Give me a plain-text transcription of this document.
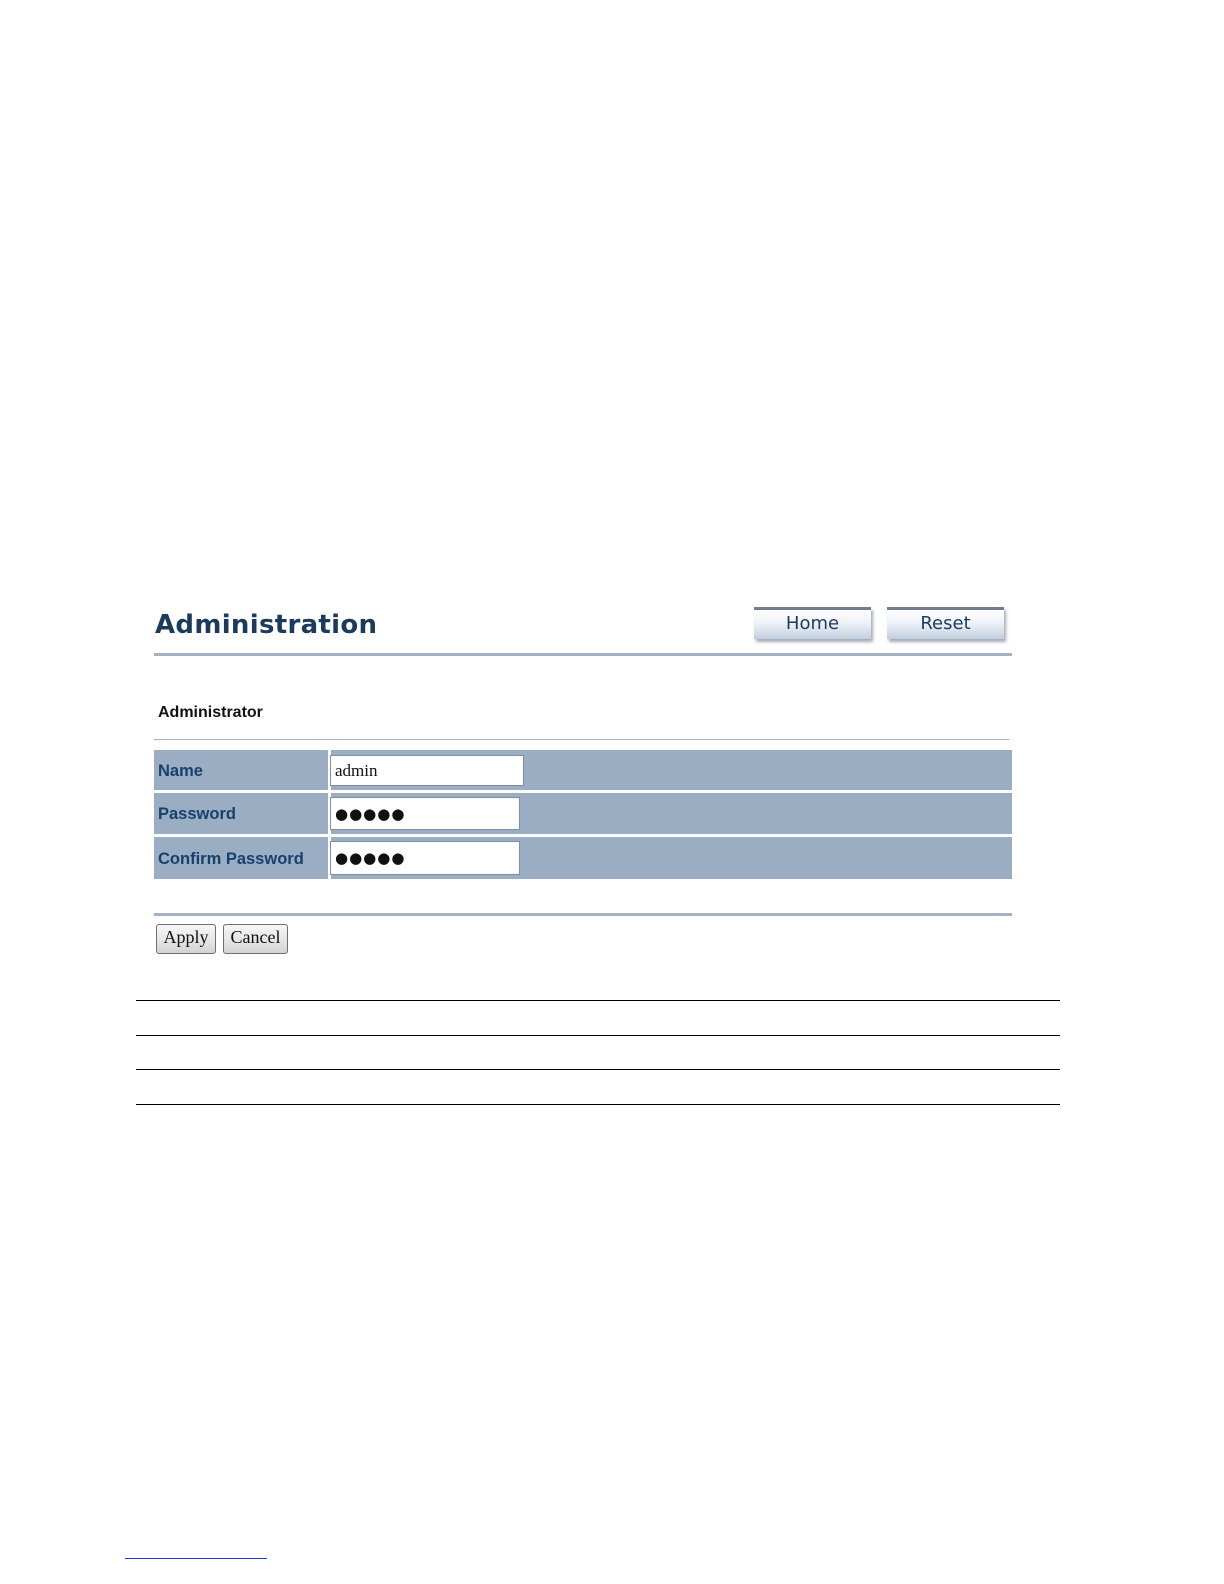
Administration	Home	Reset
Administrator
Name	admin
Password	●●●●●
Confirm Password	●●●●●
Apply	Cancel
